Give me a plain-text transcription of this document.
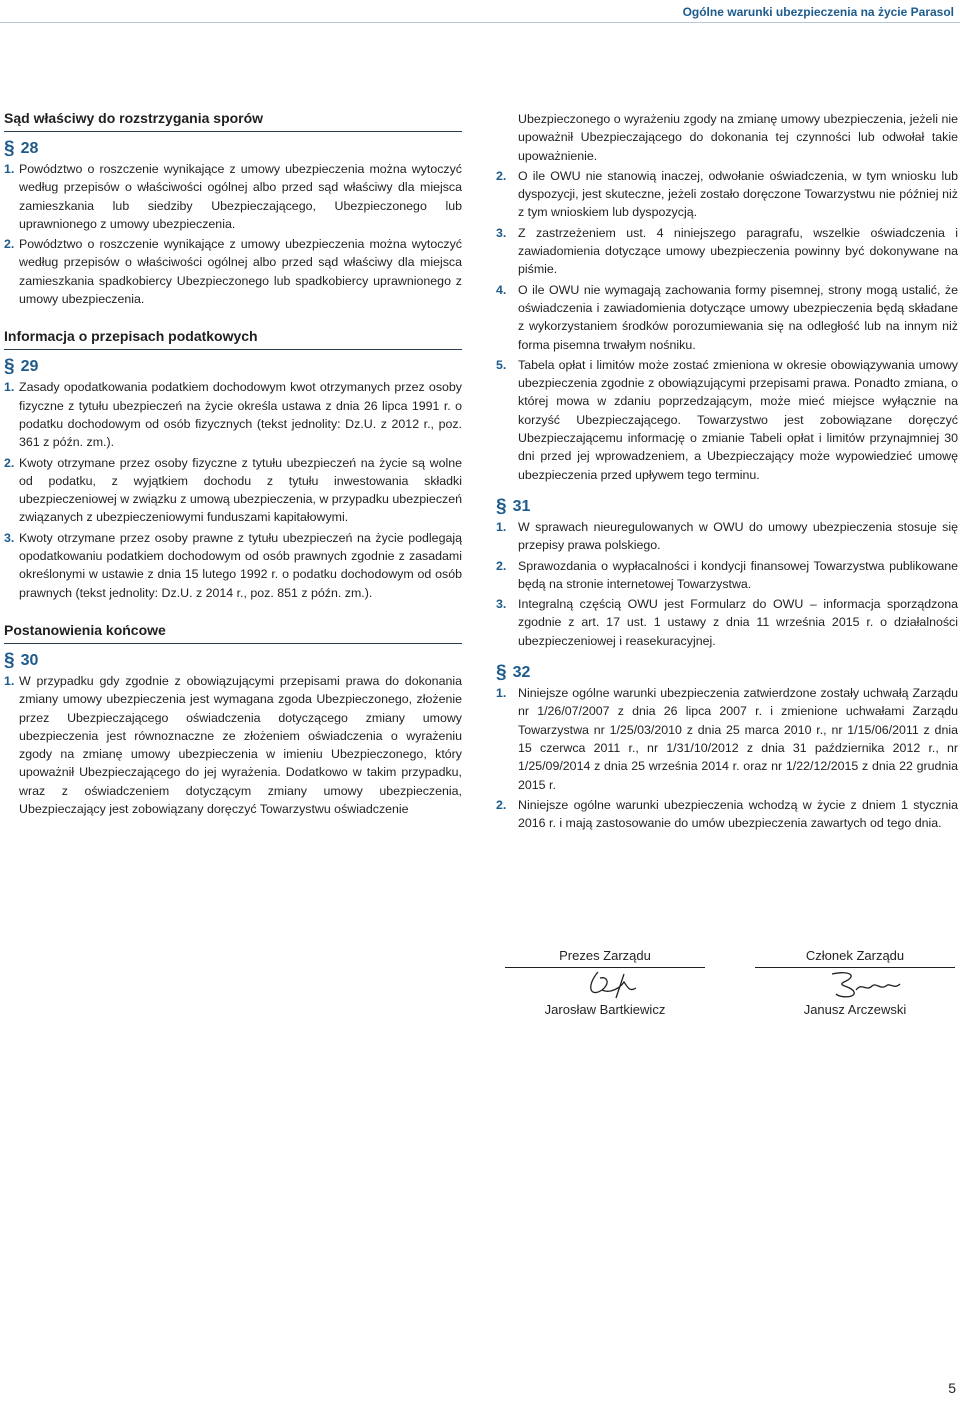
Ogólne warunki ubezpieczenia na życie Parasol
Sąd właściwy do rozstrzygania sporów
§ 28
1. Powództwo o roszczenie wynikające z umowy ubezpieczenia można wytoczyć według przepisów o właściwości ogólnej albo przed sąd właściwy dla miejsca zamieszkania lub siedziby Ubezpieczającego, Ubezpieczonego lub uprawnionego z umowy ubezpieczenia.
2. Powództwo o roszczenie wynikające z umowy ubezpieczenia można wytoczyć według przepisów o właściwości ogólnej albo przed sąd właściwy dla miejsca zamieszkania spadkobiercy Ubezpieczonego lub spadkobiercy uprawnionego z umowy ubezpieczenia.
Informacja o przepisach podatkowych
§ 29
1. Zasady opodatkowania podatkiem dochodowym kwot otrzymanych przez osoby fizyczne z tytułu ubezpieczeń na życie określa ustawa z dnia 26 lipca 1991 r. o podatku dochodowym od osób fizycznych (tekst jednolity: Dz.U. z 2012 r., poz. 361 z późn. zm.).
2. Kwoty otrzymane przez osoby fizyczne z tytułu ubezpieczeń na życie są wolne od podatku, z wyjątkiem dochodu z tytułu inwestowania składki ubezpieczeniowej w związku z umową ubezpieczenia, w przypadku ubezpieczeń związanych z ubezpieczeniowymi funduszami kapitałowymi.
3. Kwoty otrzymane przez osoby prawne z tytułu ubezpieczeń na życie podlegają opodatkowaniu podatkiem dochodowym od osób prawnych zgodnie z zasadami określonymi w ustawie z dnia 15 lutego 1992 r. o podatku dochodowym od osób prawnych (tekst jednolity: Dz.U. z 2014 r., poz. 851 z późn. zm.).
Postanowienia końcowe
§ 30
1. W przypadku gdy zgodnie z obowiązującymi przepisami prawa do dokonania zmiany umowy ubezpieczenia jest wymagana zgoda Ubezpieczonego, złożenie przez Ubezpieczającego oświadczenia dotyczącego zmiany umowy ubezpieczenia jest równoznaczne ze złożeniem oświadczenia o wyrażeniu zgody na zmianę umowy ubezpieczenia w imieniu Ubezpieczonego, który upoważnił Ubezpieczającego do jej wyrażenia. Dodatkowo w takim przypadku, wraz z oświadczeniem dotyczącym zmiany umowy ubezpieczenia, Ubezpieczający jest zobowiązany doręczyć Towarzystwu oświadczenie
Ubezpieczonego o wyrażeniu zgody na zmianę umowy ubezpieczenia, jeżeli nie upoważnił Ubezpieczającego do dokonania tej czynności lub odwołał takie upoważnienie.
2. O ile OWU nie stanowią inaczej, odwołanie oświadczenia, w tym wniosku lub dyspozycji, jest skuteczne, jeżeli zostało doręczone Towarzystwu nie później niż z tym wnioskiem lub dyspozycją.
3. Z zastrzeżeniem ust. 4 niniejszego paragrafu, wszelkie oświadczenia i zawiadomienia dotyczące umowy ubezpieczenia powinny być dokonywane na piśmie.
4. O ile OWU nie wymagają zachowania formy pisemnej, strony mogą ustalić, że oświadczenia i zawiadomienia dotyczące umowy ubezpieczenia będą składane z wykorzystaniem środków porozumiewania się na odległość lub na innym niż forma pisemna trwałym nośniku.
5. Tabela opłat i limitów może zostać zmieniona w okresie obowiązywania umowy ubezpieczenia zgodnie z obowiązującymi przepisami prawa. Ponadto zmiana, o której mowa w zdaniu poprzedzającym, może mieć miejsce wyłącznie na korzyść Ubezpieczającego. Towarzystwo jest zobowiązane doręczyć Ubezpieczającemu informację o zmianie Tabeli opłat i limitów przynajmniej 30 dni przed jej wprowadzeniem, a Ubezpieczający może wypowiedzieć umowę ubezpieczenia przed upływem tego terminu.
§ 31
1. W sprawach nieuregulowanych w OWU do umowy ubezpieczenia stosuje się przepisy prawa polskiego.
2. Sprawozdania o wypłacalności i kondycji finansowej Towarzystwa publikowane będą na stronie internetowej Towarzystwa.
3. Integralną częścią OWU jest Formularz do OWU – informacja sporządzona zgodnie z art. 17 ust. 1 ustawy z dnia 11 września 2015 r. o działalności ubezpieczeniowej i reasekuracyjnej.
§ 32
1. Niniejsze ogólne warunki ubezpieczenia zatwierdzone zostały uchwałą Zarządu nr 1/26/07/2007 z dnia 26 lipca 2007 r. i zmienione uchwałami Zarządu Towarzystwa nr 1/25/03/2010 z dnia 25 marca 2010 r., nr 1/15/06/2011 z dnia 15 czerwca 2011 r., nr 1/31/10/2012 z dnia 31 października 2012 r., nr 1/25/09/2014 z dnia 25 września 2014 r. oraz nr 1/22/12/2015 z dnia 22 grudnia 2015 r.
2. Niniejsze ogólne warunki ubezpieczenia wchodzą w życie z dniem 1 stycznia 2016 r. i mają zastosowanie do umów ubezpieczenia zawartych od tego dnia.
Prezes Zarządu
Jarosław Bartkiewicz
Członek Zarządu
Janusz Arczewski
5
